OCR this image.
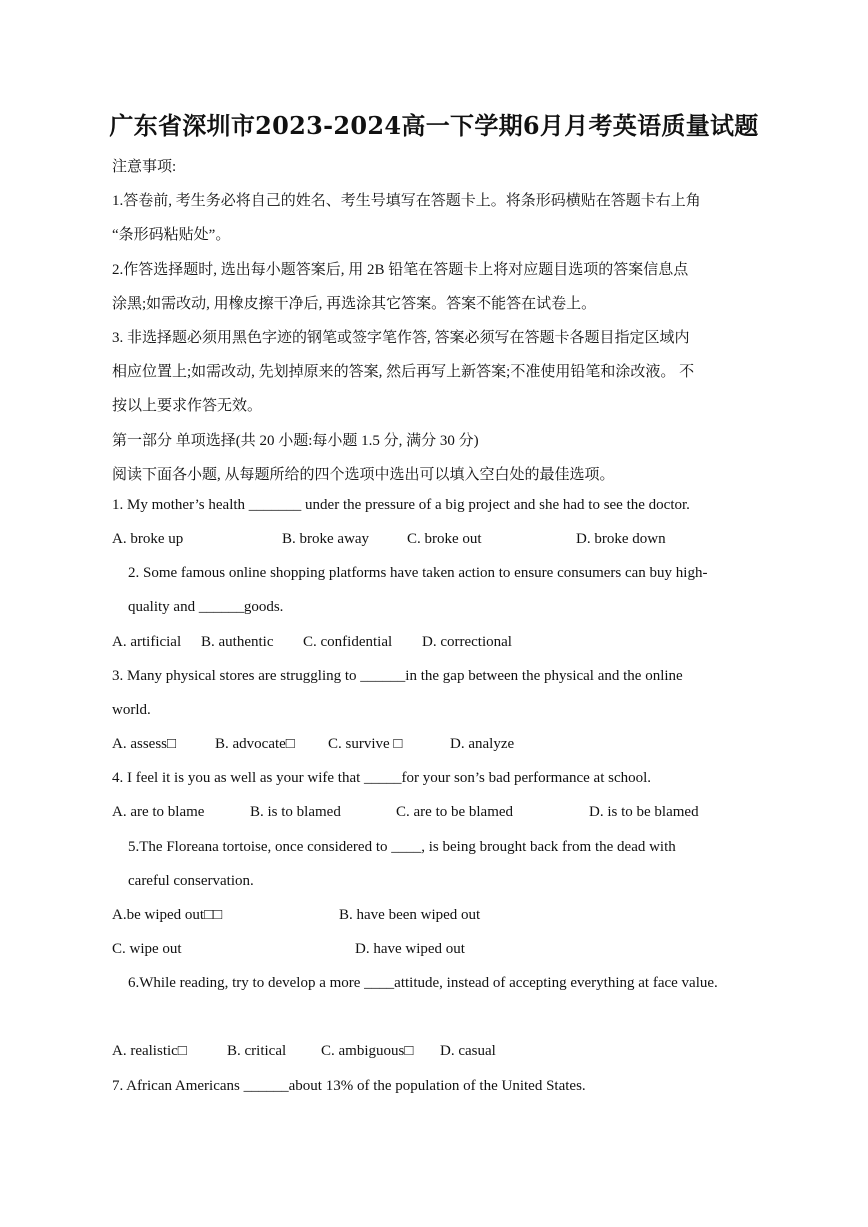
广东省深圳市2023-2024高一下学期6月月考英语质量试题
注意事项:
1.答卷前, 考生务必将自己的姓名、考生号填写在答题卡上。将条形码横贴在答题卡右上角
“条形码粘贴处”。
2.作答选择题时, 选出每小题答案后, 用 2B 铅笔在答题卡上将对应题目选项的答案信息点
涂黑;如需改动, 用橡皮擦干净后, 再选涂其它答案。答案不能答在试卷上。
3. 非选择题必须用黑色字迹的钢笔或签字笔作答, 答案必须写在答题卡各题目指定区域内
相应位置上;如需改动, 先划掉原来的答案, 然后再写上新答案;不准使用铅笔和涂改液。 不
按以上要求作答无效。
第一部分 单项选择(共 20 小题:每小题 1.5 分, 满分 30 分)
阅读下面各小题, 从每题所给的四个选项中选出可以填入空白处的最佳选项。
1. My mother’s health _______ under the pressure of a big project and she had to see the doctor.
A. broke up	B. broke away	C. broke out	D. broke down
2. Some famous online shopping platforms have taken action to ensure consumers can buy high-
quality and ______goods.
A. artificial B. authentic C. confidential D. correctional
3. Many physical stores are struggling to ______in the gap between the physical and the online
world.
A. assess□	B. advocate□ C. survive □	D. analyze
4. I feel it is you as well as your wife that _____for your son’s bad performance at school.
A. are to blame	B. is to blamed	C. are to be blamed	D. is to be blamed
5.The Floreana tortoise, once considered to ____, is being brought back from the dead with
careful conservation.
A.be wiped out□□	B. have been wiped out
C. wipe out	D. have wiped out
6.While reading, try to develop a more ____attitude, instead of accepting everything at face value.
A. realistic□	B. critical C. ambiguous□ D. casual
7. African Americans ______about 13% of the population of the United States.
